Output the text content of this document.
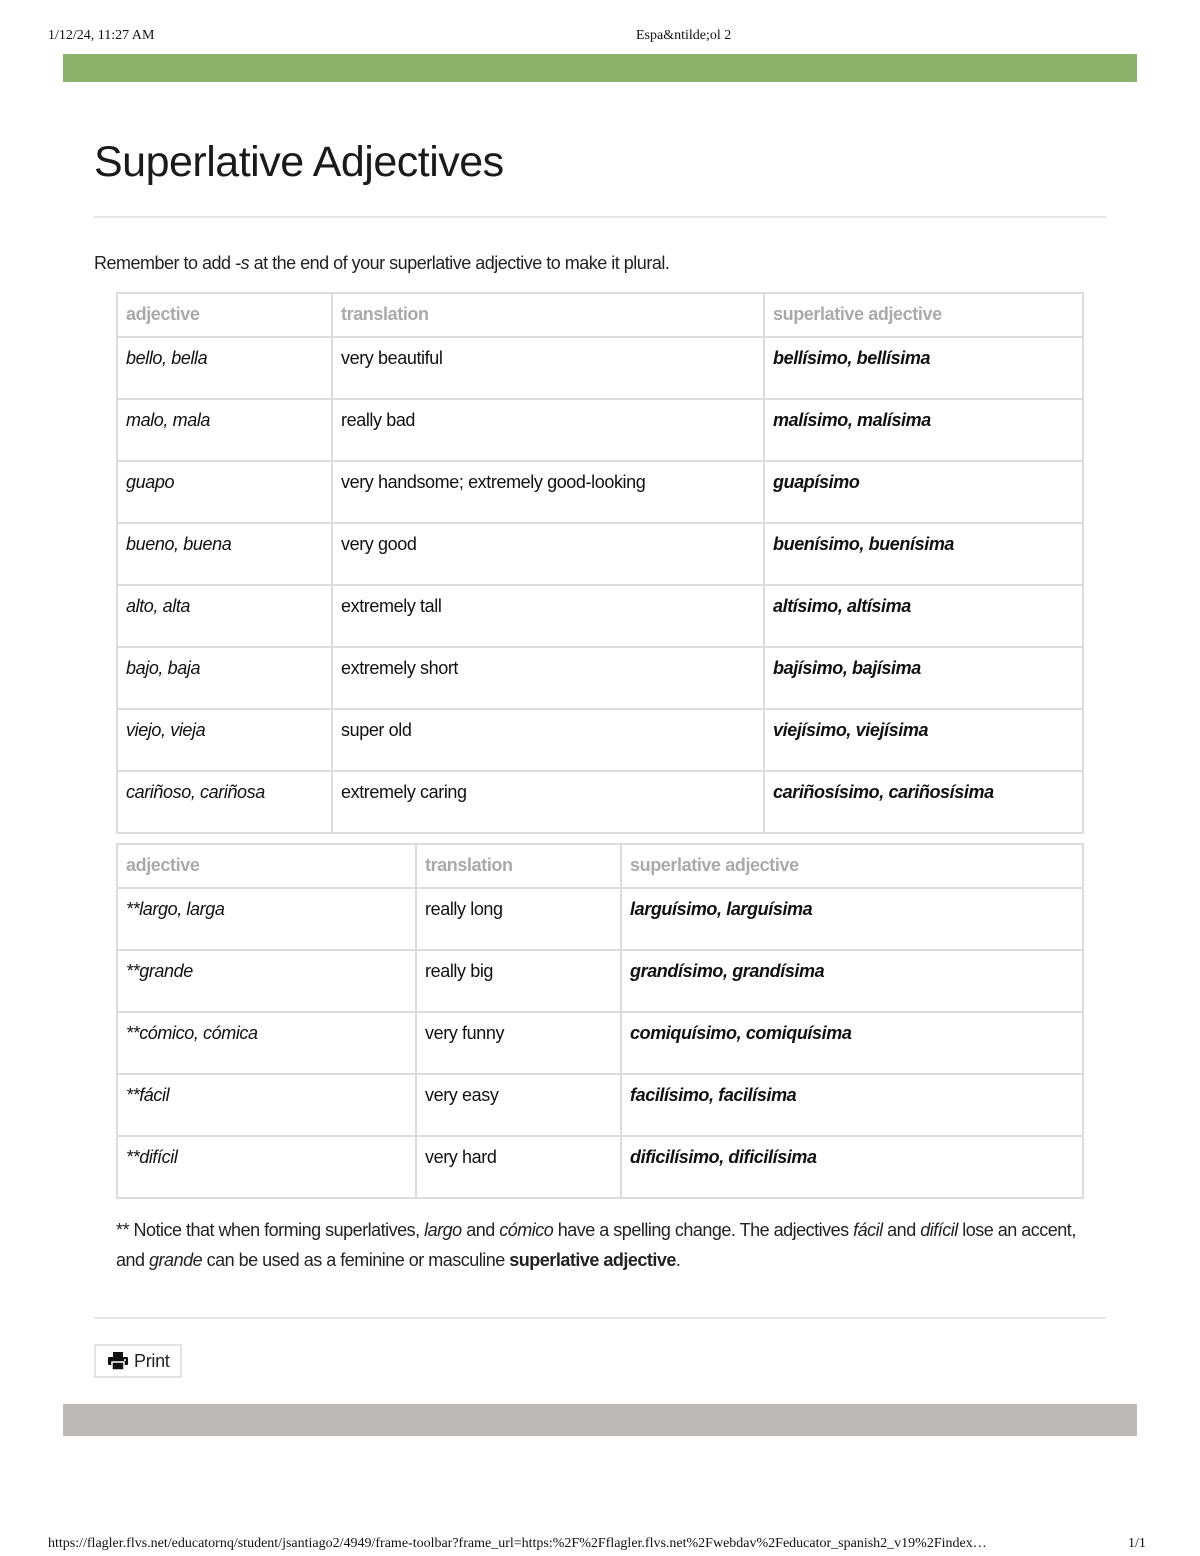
1/12/24, 11:27 AM	Espa&ntilde;ol 2
Superlative Adjectives
Remember to add -s at the end of your superlative adjective to make it plural.
adjective	translation	superlative adjective
bello, bella	very beautiful	bellísimo, bellísima
malo, mala	really bad	malísimo, malísima
guapo	very handsome; extremely good-looking	guapísimo
bueno, buena	very good	buenísimo, buenísima
alto, alta	extremely tall	altísimo, altísima
bajo, baja	extremely short	bajísimo, bajísima
viejo, vieja	super old	viejísimo, viejísima
cariñoso, cariñosa	extremely caring	cariñosísimo, cariñosísima
adjective	translation	superlative adjective
**largo, larga	really long	larguísimo, larguísima
**grande	really big	grandísimo, grandísima
**cómico, cómica	very funny	comiquísimo, comiquísima
**fácil	very easy	facilísimo, facilísima
**difícil	very hard	dificilísimo, dificilísima
** Notice that when forming superlatives, largo and cómico have a spelling change. The adjectives fácil and difícil lose an accent, and grande can be used as a feminine or masculine superlative adjective.
Print
https://flagler.flvs.net/educatornq/student/jsantiago2/4949/frame-toolbar?frame_url=https:%2F%2Fflagler.flvs.net%2Fwebdav%2Feducator_spanish2_v19%2Findex…	1/1
